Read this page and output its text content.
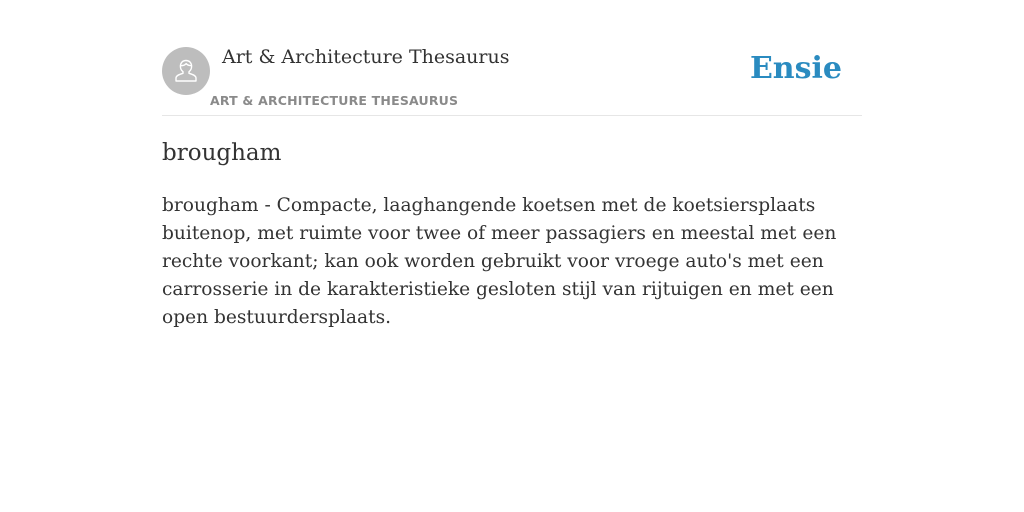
Art & Architecture Thesaurus
ART & ARCHITECTURE THESAURUS
Ensie
brougham

brougham - Compacte, laaghangende koetsen met de koetsiersplaats buitenop, met ruimte voor twee of meer passagiers en meestal met een rechte voorkant; kan ook worden gebruikt voor vroege auto's met een carrosserie in de karakteristieke gesloten stijl van rijtuigen en met een open bestuurdersplaats.
